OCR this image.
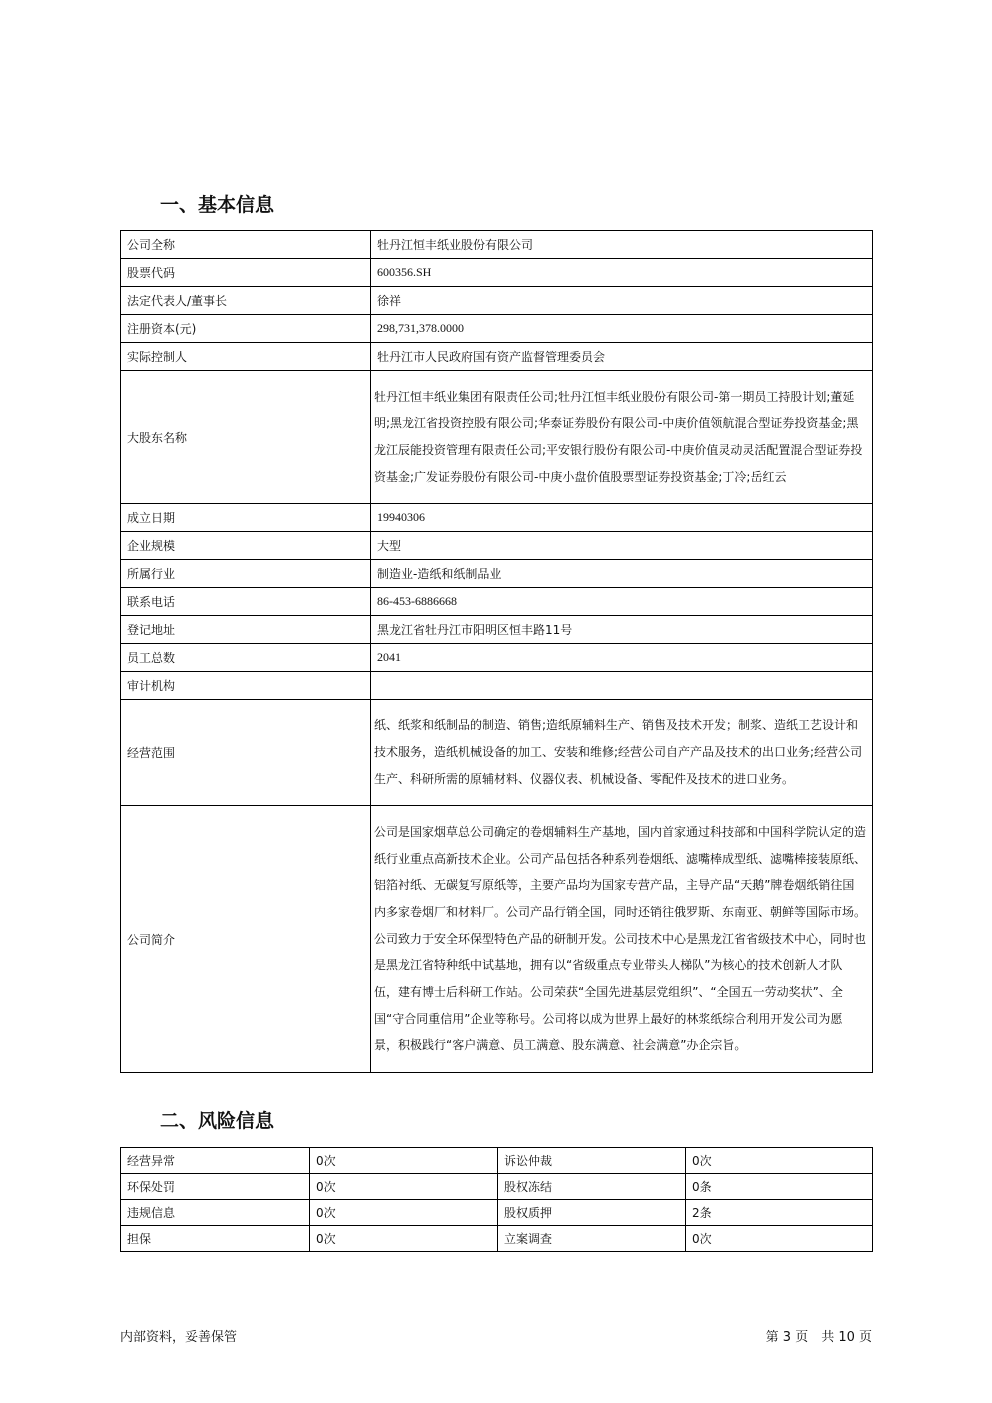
一、基本信息
公司全称	牡丹江恒丰纸业股份有限公司
股票代码	600356.SH
法定代表人/董事长	徐祥
注册资本(元)	298,731,378.0000
实际控制人	牡丹江市人民政府国有资产监督管理委员会
大股东名称	牡丹江恒丰纸业集团有限责任公司;牡丹江恒丰纸业股份有限公司-第一期员工持股计划;董延明;黑龙江省投资控股有限公司;华泰证券股份有限公司-中庚价值领航混合型证券投资基金;黑龙江辰能投资管理有限责任公司;平安银行股份有限公司-中庚价值灵动灵活配置混合型证券投资基金;广发证券股份有限公司-中庚小盘价值股票型证券投资基金;丁冷;岳红云
成立日期	19940306
企业规模	大型
所属行业	制造业-造纸和纸制品业
联系电话	86-453-6886668
登记地址	黑龙江省牡丹江市阳明区恒丰路11号
员工总数	2041
审计机构	
经营范围	纸、纸浆和纸制品的制造、销售;造纸原辅料生产、销售及技术开发；制浆、造纸工艺设计和技术服务，造纸机械设备的加工、安装和维修;经营公司自产产品及技术的出口业务;经营公司生产、科研所需的原辅材料、仪器仪表、机械设备、零配件及技术的进口业务。
公司简介	公司是国家烟草总公司确定的卷烟辅料生产基地，国内首家通过科技部和中国科学院认定的造纸行业重点高新技术企业。公司产品包括各种系列卷烟纸、滤嘴棒成型纸、滤嘴棒接装原纸、铝箔衬纸、无碳复写原纸等，主要产品均为国家专营产品，主导产品“天鹅”牌卷烟纸销往国内多家卷烟厂和材料厂。公司产品行销全国，同时还销往俄罗斯、东南亚、朝鲜等国际市场。公司致力于安全环保型特色产品的研制开发。公司技术中心是黑龙江省省级技术中心，同时也是黑龙江省特种纸中试基地，拥有以“省级重点专业带头人梯队”为核心的技术创新人才队伍，建有博士后科研工作站。公司荣获“全国先进基层党组织”、“全国五一劳动奖状”、全国“守合同重信用”企业等称号。公司将以成为世界上最好的林浆纸综合利用开发公司为愿景，积极践行“客户满意、员工满意、股东满意、社会满意”办企宗旨。
二、风险信息
经营异常	0次	诉讼仲裁	0次
环保处罚	0次	股权冻结	0条
违规信息	0次	股权质押	2条
担保	0次	立案调查	0次
内部资料，妥善保管	第 3 页　共 10 页
